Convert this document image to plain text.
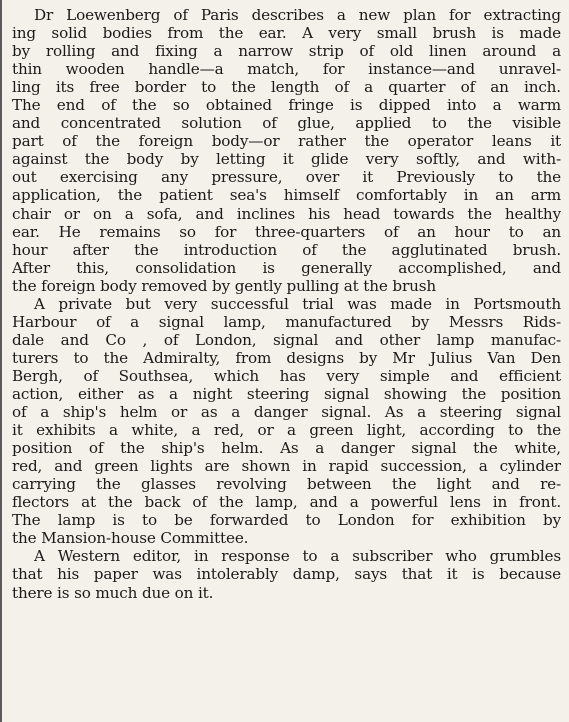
Dr Loewenberg of Paris describes a new plan for extracting
ing solid bodies from the ear. A very small brush is made
by rolling and fixing a narrow strip of old linen around a
thin wooden handle—a match, for instance—and unravel-
ling its free border to the length of a quarter of an inch.
The end of the so obtained fringe is dipped into a warm
and concentrated solution of glue, applied to the visible
part of the foreign body—or rather the operator leans it
against the body by letting it glide very softly, and with-
out exercising any pressure, over it Previously to the
application, the patient sea's himself comfortably in an arm
chair or on a sofa, and inclines his head towards the healthy
ear. He remains so for three-quarters of an hour to an
hour after the introduction of the agglutinated brush.
After this, consolidation is generally accomplished, and
the foreign body removed by gently pulling at the brush
A private but very successful trial was made in Portsmouth
Harbour of a signal lamp, manufactured by Messrs Rids-
dale and Co , of London, signal and other lamp manufac-
turers to the Admiralty, from designs by Mr Julius Van Den
Bergh, of Southsea, which has very simple and efficient
action, either as a night steering signal showing the position
of a ship's helm or as a danger signal. As a steering signal
it exhibits a white, a red, or a green light, according to the
position of the ship's helm. As a danger signal the white,
red, and green lights are shown in rapid succession, a cylinder
carrying the glasses revolving between the light and re-
flectors at the back of the lamp, and a powerful lens in front.
The lamp is to be forwarded to London for exhibition by
the Mansion-house Committee.
A Western editor, in response to a subscriber who grumbles
that his paper was intolerably damp, says that it is because
there is so much due on it.
